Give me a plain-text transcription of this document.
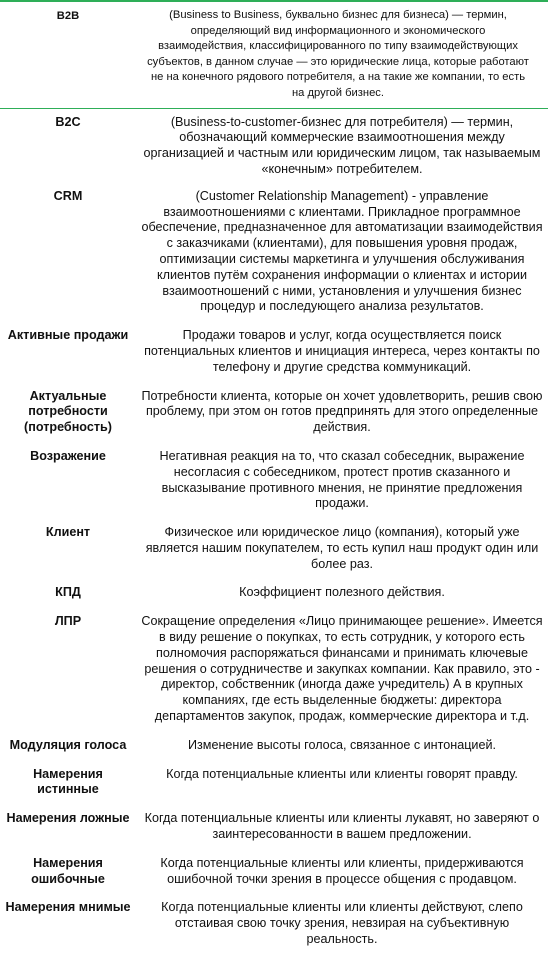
B2B	(Business to Business, буквально бизнес для бизнеса) — термин, определяющий вид информационного и экономического взаимодействия, классифицированного по типу взаимодействующих субъектов, в данном случае — это юридические лица, которые работают не на конечного рядового потребителя, а на такие же компании, то есть на другой бизнес.
B2C	(Business-to-customer-бизнес для потребителя) — термин, обозначающий коммерческие взаимоотношения между организацией и частным или юридическим лицом, так называемым «конечным» потребителем.
CRM	(Customer Relationship Management) - управление взаимоотношениями с клиентами. Прикладное программное обеспечение, предназначенное для автоматизации взаимодействия с заказчиками (клиентами), для повышения уровня продаж, оптимизации системы маркетинга и улучшения обслуживания клиентов путём сохранения информации о клиентах и истории взаимоотношений с ними, установления и улучшения бизнес процедур и последующего анализа результатов.
Активные продажи	Продажи товаров и услуг, когда осуществляется поиск потенциальных клиентов и инициация интереса, через контакты по телефону и другие средства коммуникаций.
Актуальные потребности (потребность)	Потребности клиента, которые он хочет удовлетворить, решив свою проблему, при этом он готов предпринять для этого определенные действия.
Возражение	Негативная реакция на то, что сказал собеседник, выражение несогласия с собеседником, протест против сказанного и высказывание противного мнения, не принятие предложения продажи.
Клиент	Физическое или юридическое лицо (компания), который уже является нашим покупателем, то есть купил наш продукт один или более раз.
КПД	Коэффициент полезного действия.
ЛПР	Сокращение определения «Лицо принимающее решение». Имеется в виду решение о покупках, то есть сотрудник, у которого есть полномочия распоряжаться финансами и принимать ключевые решения о сотрудничестве и закупках компании. Как правило, это - директор, собственник (иногда даже учредитель) А в крупных компаниях, где есть выделенные бюджеты: директора департаментов закупок, продаж, коммерческие директора и т.д.
Модуляция голоса	Изменение высоты голоса, связанное с интонацией.
Намерения истинные	Когда потенциальные клиенты или клиенты говорят правду.
Намерения ложные	Когда потенциальные клиенты или клиенты лукавят, но заверяют о заинтересованности в вашем предложении.
Намерения ошибочные	Когда потенциальные клиенты или клиенты, придерживаются ошибочной точки зрения в процессе общения с продавцом.
Намерения мнимые	Когда потенциальные клиенты или клиенты действуют, слепо отстаивая свою точку зрения, невзирая на субъективную реальность.
